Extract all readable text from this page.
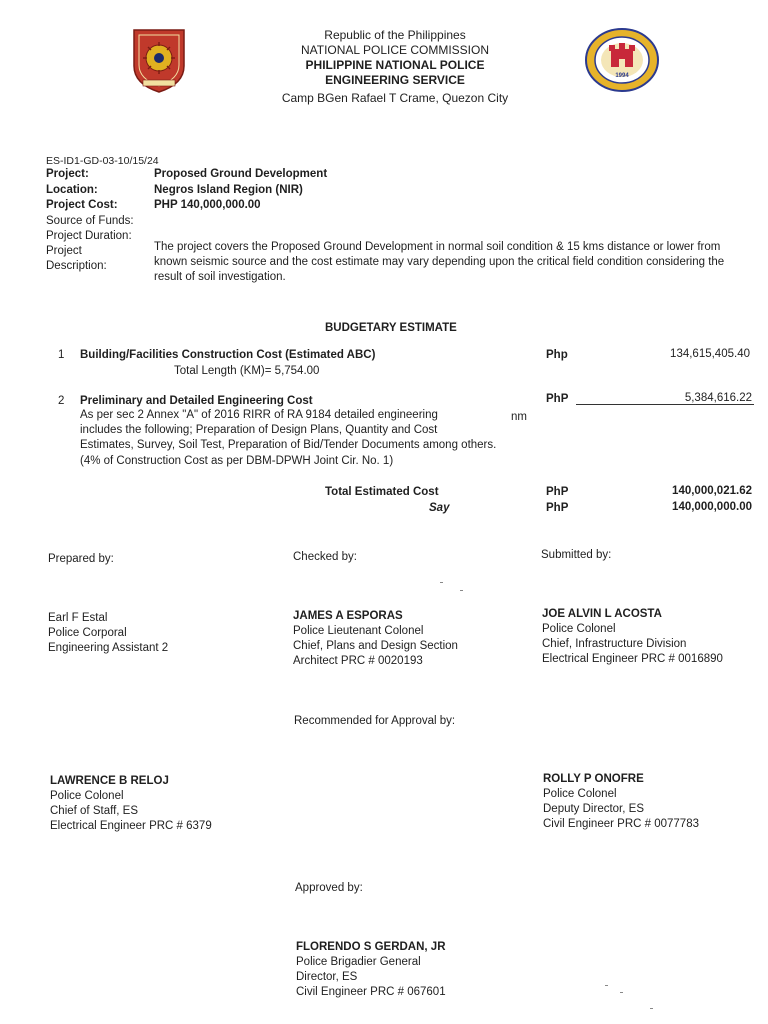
1994
Republic of the Philippines
NATIONAL POLICE COMMISSION
PHILIPPINE NATIONAL POLICE
ENGINEERING SERVICE
Camp BGen Rafael T Crame, Quezon City
ES-ID1-GD-03-10/15/24
Project:	Proposed Ground Development
Location:	Negros Island Region (NIR)
Project Cost:	PHP 140,000,000.00
Source of Funds:
Project Duration:
Project
Description:
The project covers the Proposed Ground Development in normal soil condition & 15 kms distance or lower from known seismic source and the cost estimate may vary depending upon the critical field condition considering the result of soil investigation.
BUDGETARY ESTIMATE
1 Building/Facilities Construction Cost (Estimated ABC)
Total Length (KM)= 5,754.00
Php	134,615,405.40
2 Preliminary and Detailed Engineering Cost
As per sec 2 Annex "A" of 2016 RIRR of RA 9184 detailed engineering	nm
includes the following; Preparation of Design Plans, Quantity and Cost
Estimates, Survey, Soil Test, Preparation of Bid/Tender Documents among others.
(4% of Construction Cost as per DBM-DPWH Joint Cir. No. 1)
PhP	5,384,616.22
Total Estimated Cost	PhP	140,000,021.62
Say	PhP	140,000,000.00
Prepared by:	Checked by:	Submitted by:
Earl F Estal
Police Corporal
Engineering Assistant 2
JAMES A ESPORAS
Police Lieutenant Colonel
Chief, Plans and Design Section
Architect PRC # 0020193
JOE ALVIN L ACOSTA
Police Colonel
Chief, Infrastructure Division
Electrical Engineer PRC # 0016890
Recommended for Approval by:
LAWRENCE B RELOJ
Police Colonel
Chief of Staff, ES
Electrical Engineer PRC # 6379
ROLLY P ONOFRE
Police Colonel
Deputy Director, ES
Civil Engineer PRC # 0077783
Approved by:
FLORENDO S GERDAN, JR
Police Brigadier General
Director, ES
Civil Engineer PRC # 067601
